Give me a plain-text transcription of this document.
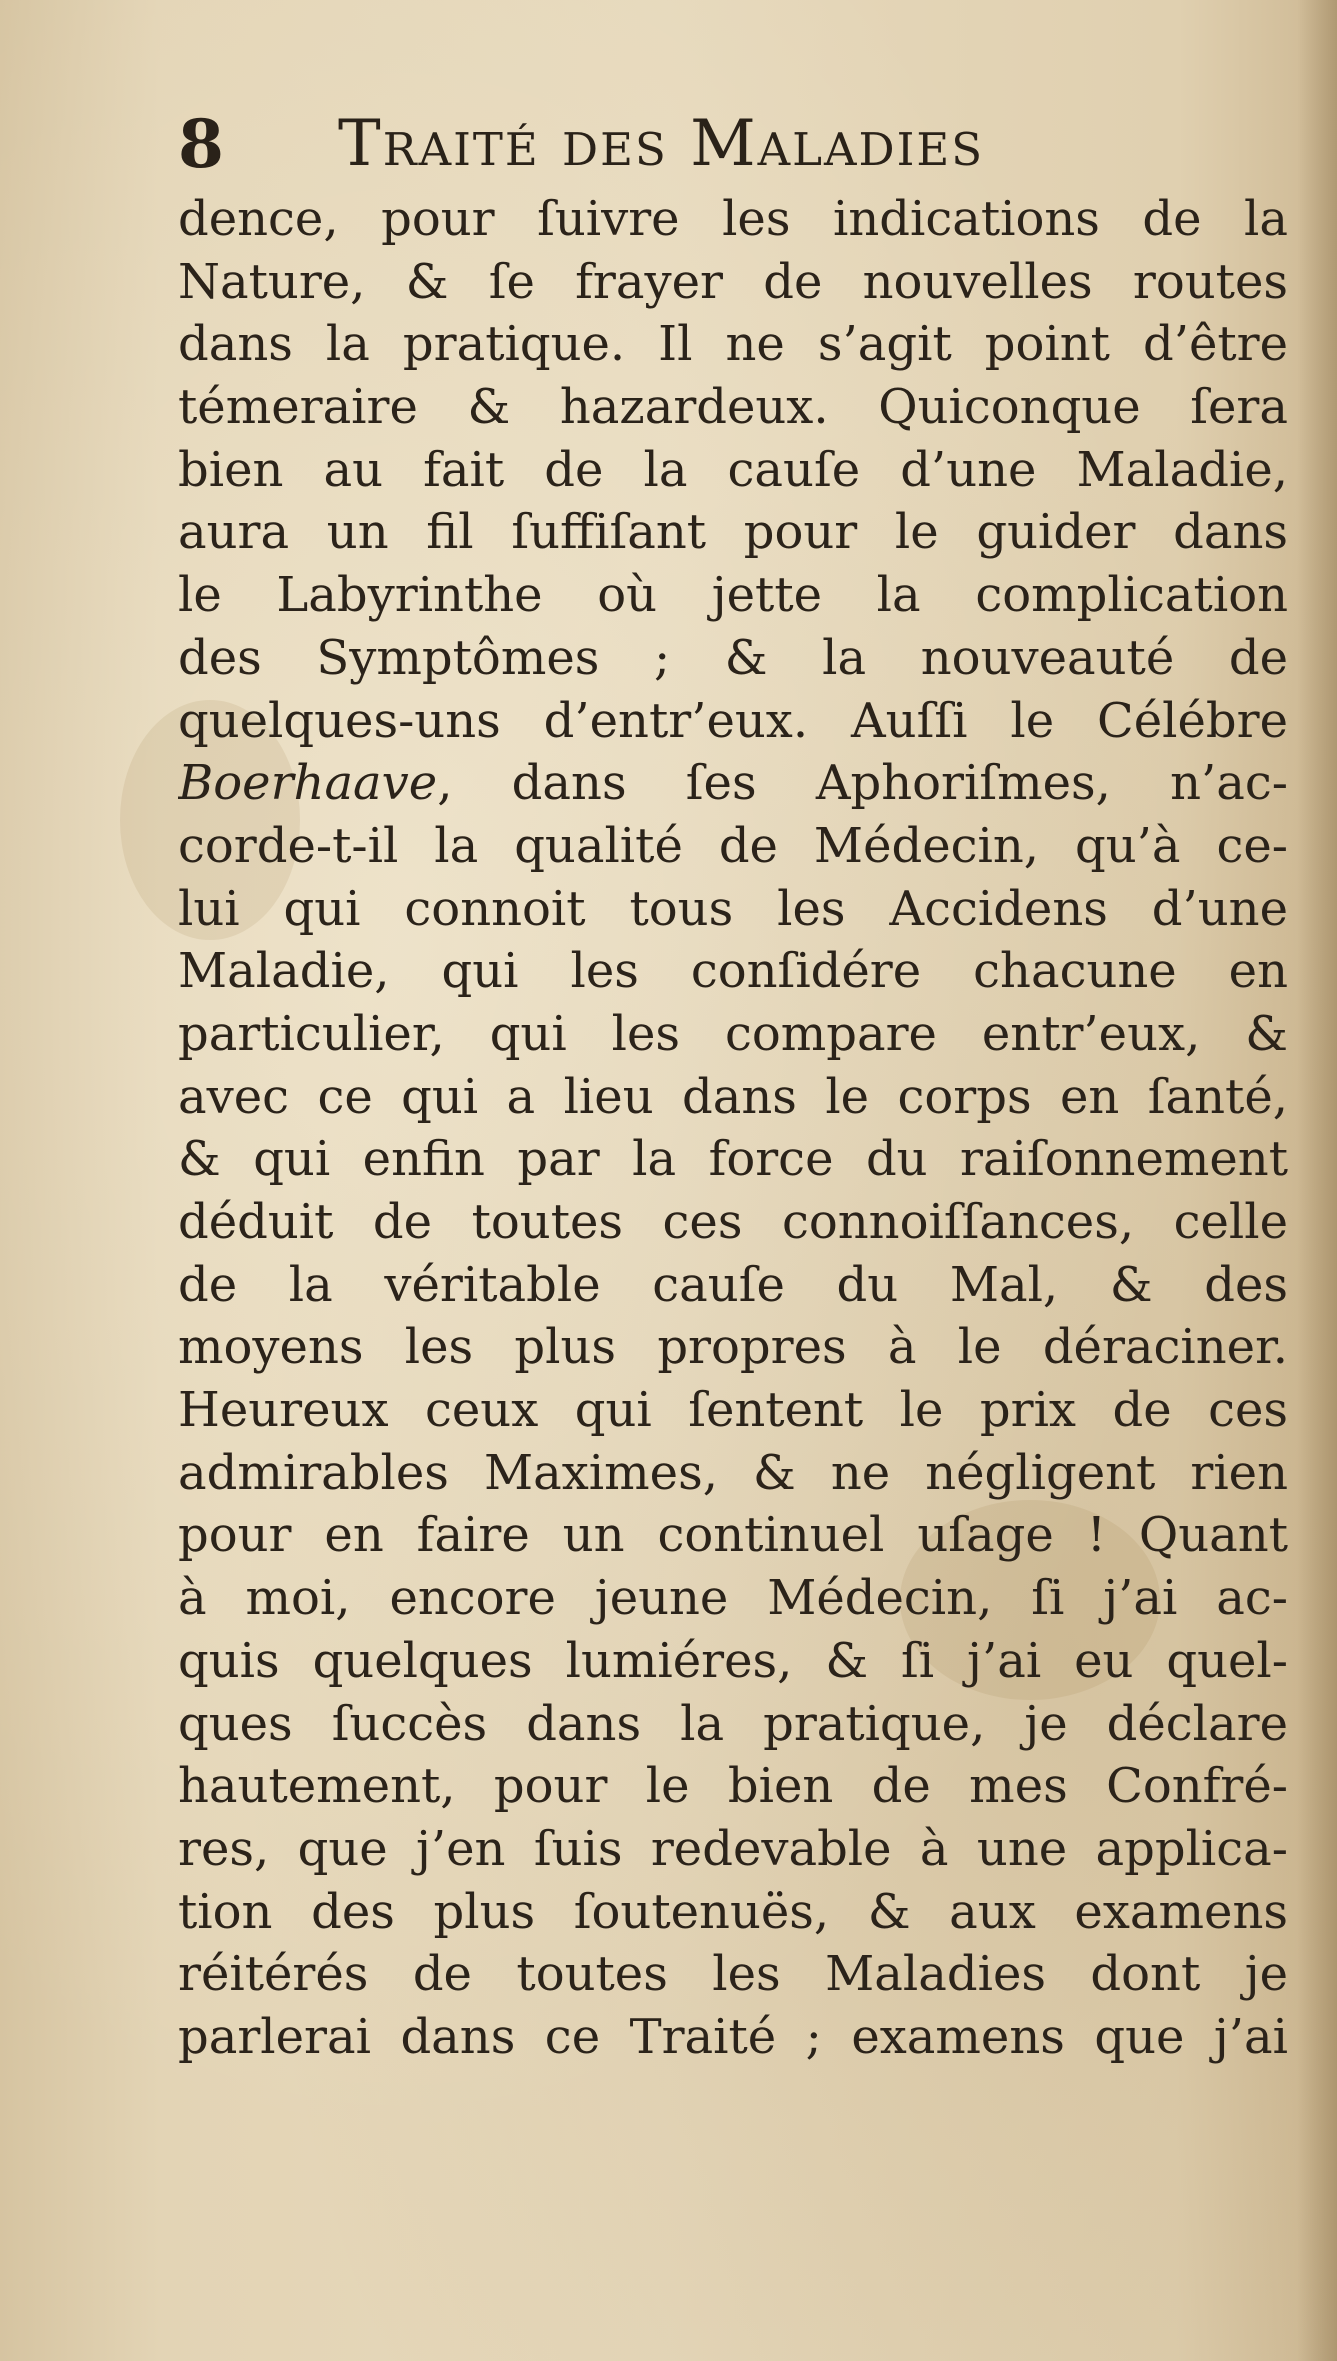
8 Traité des Maladies
dence, pour ſuivre les indications de la
Nature, & ſe frayer de nouvelles routes
dans la pratique. Il ne s’agit point d’être
témeraire & hazardeux. Quiconque ſera
bien au fait de la cauſe d’une Maladie,
aura un fil ſuffiſant pour le guider dans
le Labyrinthe où jette la complication
des Symptômes ; & la nouveauté de
quelques-uns d’entr’eux. Auſſi le Célébre
Boerhaave, dans ſes Aphoriſmes, n’ac-
corde-t-il la qualité de Médecin, qu’à ce-
lui qui connoit tous les Accidens d’une
Maladie, qui les conſidére chacune en
particulier, qui les compare entr’eux, &
avec ce qui a lieu dans le corps en ſanté,
& qui enfin par la force du raiſonnement
déduit de toutes ces connoiſſances, celle
de la véritable cauſe du Mal, & des
moyens les plus propres à le déraciner.
Heureux ceux qui ſentent le prix de ces
admirables Maximes, & ne négligent rien
pour en faire un continuel uſage ! Quant
à moi, encore jeune Médecin, ſi j’ai ac-
quis quelques lumiéres, & ſi j’ai eu quel-
ques ſuccès dans la pratique, je déclare
hautement, pour le bien de mes Confré-
res, que j’en ſuis redevable à une applica-
tion des plus ſoutenuës, & aux examens
réitérés de toutes les Maladies dont je
parlerai dans ce Traité ; examens que j’ai
